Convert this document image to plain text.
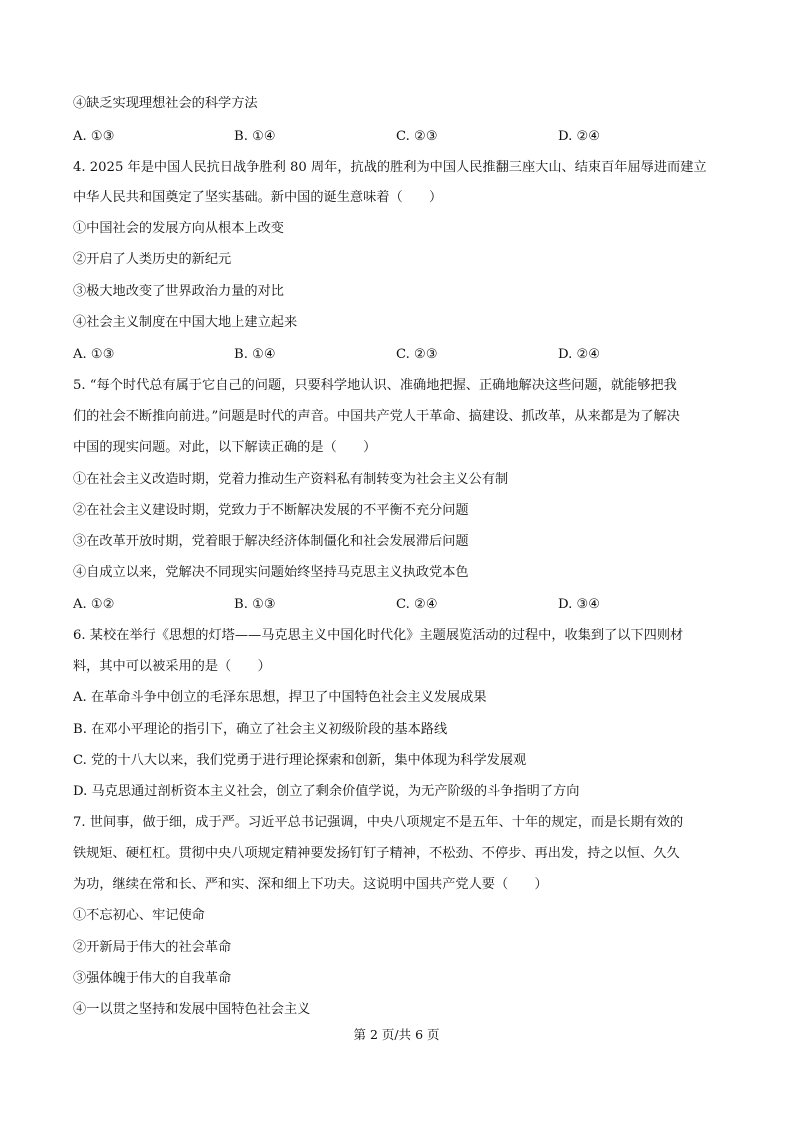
④缺乏实现理想社会的科学方法
A. ①③	B. ①④	C. ②③	D. ②④
4. 2025 年是中国人民抗日战争胜利 80 周年，抗战的胜利为中国人民推翻三座大山、结束百年屈辱进而建立
中华人民共和国奠定了坚实基础。新中国的诞生意味着（　　）
①中国社会的发展方向从根本上改变
②开启了人类历史的新纪元
③极大地改变了世界政治力量的对比
④社会主义制度在中国大地上建立起来
A. ①③	B. ①④	C. ②③	D. ②④
5. “每个时代总有属于它自己的问题，只要科学地认识、准确地把握、正确地解决这些问题，就能够把我
们的社会不断推向前进。”问题是时代的声音。中国共产党人干革命、搞建设、抓改革，从来都是为了解决
中国的现实问题。对此，以下解读正确的是（　　）
①在社会主义改造时期，党着力推动生产资料私有制转变为社会主义公有制
②在社会主义建设时期，党致力于不断解决发展的不平衡不充分问题
③在改革开放时期，党着眼于解决经济体制僵化和社会发展滞后问题
④自成立以来，党解决不同现实问题始终坚持马克思主义执政党本色
A. ①②	B. ①③	C. ②④	D. ③④
6. 某校在举行《思想的灯塔——马克思主义中国化时代化》主题展览活动的过程中，收集到了以下四则材
料，其中可以被采用的是（　　）
A. 在革命斗争中创立的毛泽东思想，捍卫了中国特色社会主义发展成果
B. 在邓小平理论的指引下，确立了社会主义初级阶段的基本路线
C. 党的十八大以来，我们党勇于进行理论探索和创新，集中体现为科学发展观
D. 马克思通过剖析资本主义社会，创立了剩余价值学说，为无产阶级的斗争指明了方向
7. 世间事，做于细，成于严。习近平总书记强调，中央八项规定不是五年、十年的规定，而是长期有效的
铁规矩、硬杠杠。贯彻中央八项规定精神要发扬钉钉子精神，不松劲、不停步、再出发，持之以恒、久久
为功，继续在常和长、严和实、深和细上下功夫。这说明中国共产党人要（　　）
①不忘初心、牢记使命
②开新局于伟大的社会革命
③强体魄于伟大的自我革命
④一以贯之坚持和发展中国特色社会主义
第 2 页/共 6 页
